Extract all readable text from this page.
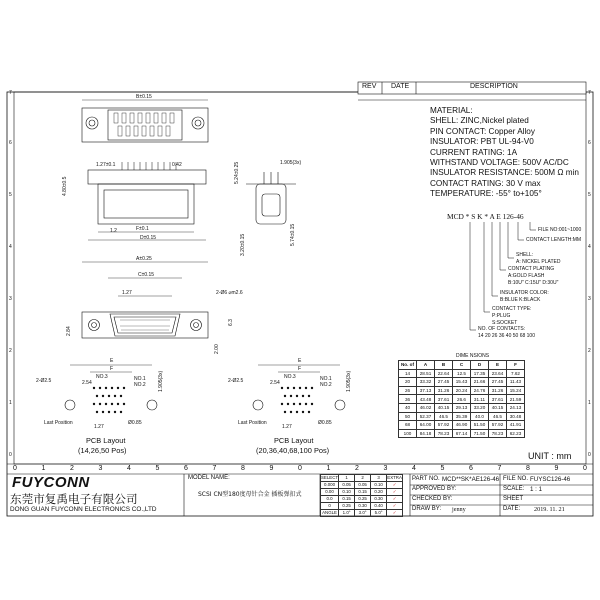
REV DATE	DESCRIPTION
MATERIAL:
SHELL: ZINC,Nickel plated
PIN CONTACT: Copper Alloy
INSULATOR: PBT UL-94-V0
CURRENT RATING: 1A
WITHSTAND VOLTAGE: 500V AC/DC
INSULATOR RESISTANCE: 500M Ω min
CONTACT RATING: 30 V max
TEMPERATURE: -55° to+105°
MCD * S K * A E 126-46
FILE NO:001~1000
CONTACT LENGTH:MM
SHELL:
A: NICKEL PLATED
CONTACT PLATING
A:GOLD FLASH
B:10U" C:15U" D:30U"
INSULATOR COLOR:
B:BLUE K:BLACK
CONTACT TYPE:
P:PLUG
S:SOCKET
NO. OF CONTACTS:
14 20 26 36 40 50 68 100
DIME NSIONS
No. of	A	B	C	D	E	F
14	28.51	22.64	12.5	17.35	23.64	7.62
20	33.32	27.45	15.43	21.66	27.45	11.43
26	37.13	31.26	20.24	24.76	31.26	15.24
36	43.48	37.61	26.6	31.11	37.61	21.59
40	46.02	40.15	29.13	33.20	40.15	24.13
50	52.37	46.5	35.39	40.0	46.5	30.48
68	64.00	57.92	46.90	51.50	57.92	41.91
100	84.18	78.23	67.14	71.50	78.23	62.23
B±0.15
1.27±0.1	0.42
1.2
D±0.15
F±0.1
4.80±0.5
5.24±0.25	1.905(3x)
5.74±0.15
3.20±0.15
A±0.25
C±0.15
1.27	2-Ø6 ⌀m2.6
2.84
6.3
2.00
E
F
NO.3	NO.1
2.54	NO.2
2-Ø2.5
Last Position
1.27
Ø0.85
1.905(3x)
PCB Layout
(14,26,50 Pos)
E
F
NO.3	NO.1
2.54	NO.2
2-Ø2.5
Last Position
1.27
Ø0.85
1.905(3x)
PCB Layout
(20,36,40,68,100 Pos)
UNIT : mm
7
6
5
4
3
2
1
0
7
6
5
4
3
2
1
0
0	1	2	3	4	5	6	7	8	9	0	1	2	3	4	5	6	7	8	9	0
FUYCONN
东莞市复禹电子有限公司
DONG GUAN FUYCONN ELECTRONICS CO.,LTD
MODEL NAME:
SCSI CN型180度母针合金 插板弹扣式
SELECT	1	2	3	EXTRA
0.000	0.05	0.05	0.10	✓
0.00	0.10	0.15	0.20	✓
0.0	0.15	0.25	0.30	✓
0	0.25	0.30	0.40	✓
ANGLE	1.0°	3.0°	5.0°	✓
PART NO. MCD**SK*AE126-46 FILE NO. FUYSC126-46
APPROVED BY:	SCALE: 1 : 1
CHECKED BY:	SHEET
DRAW BY: jenny	DATE: 2019. 11. 21
